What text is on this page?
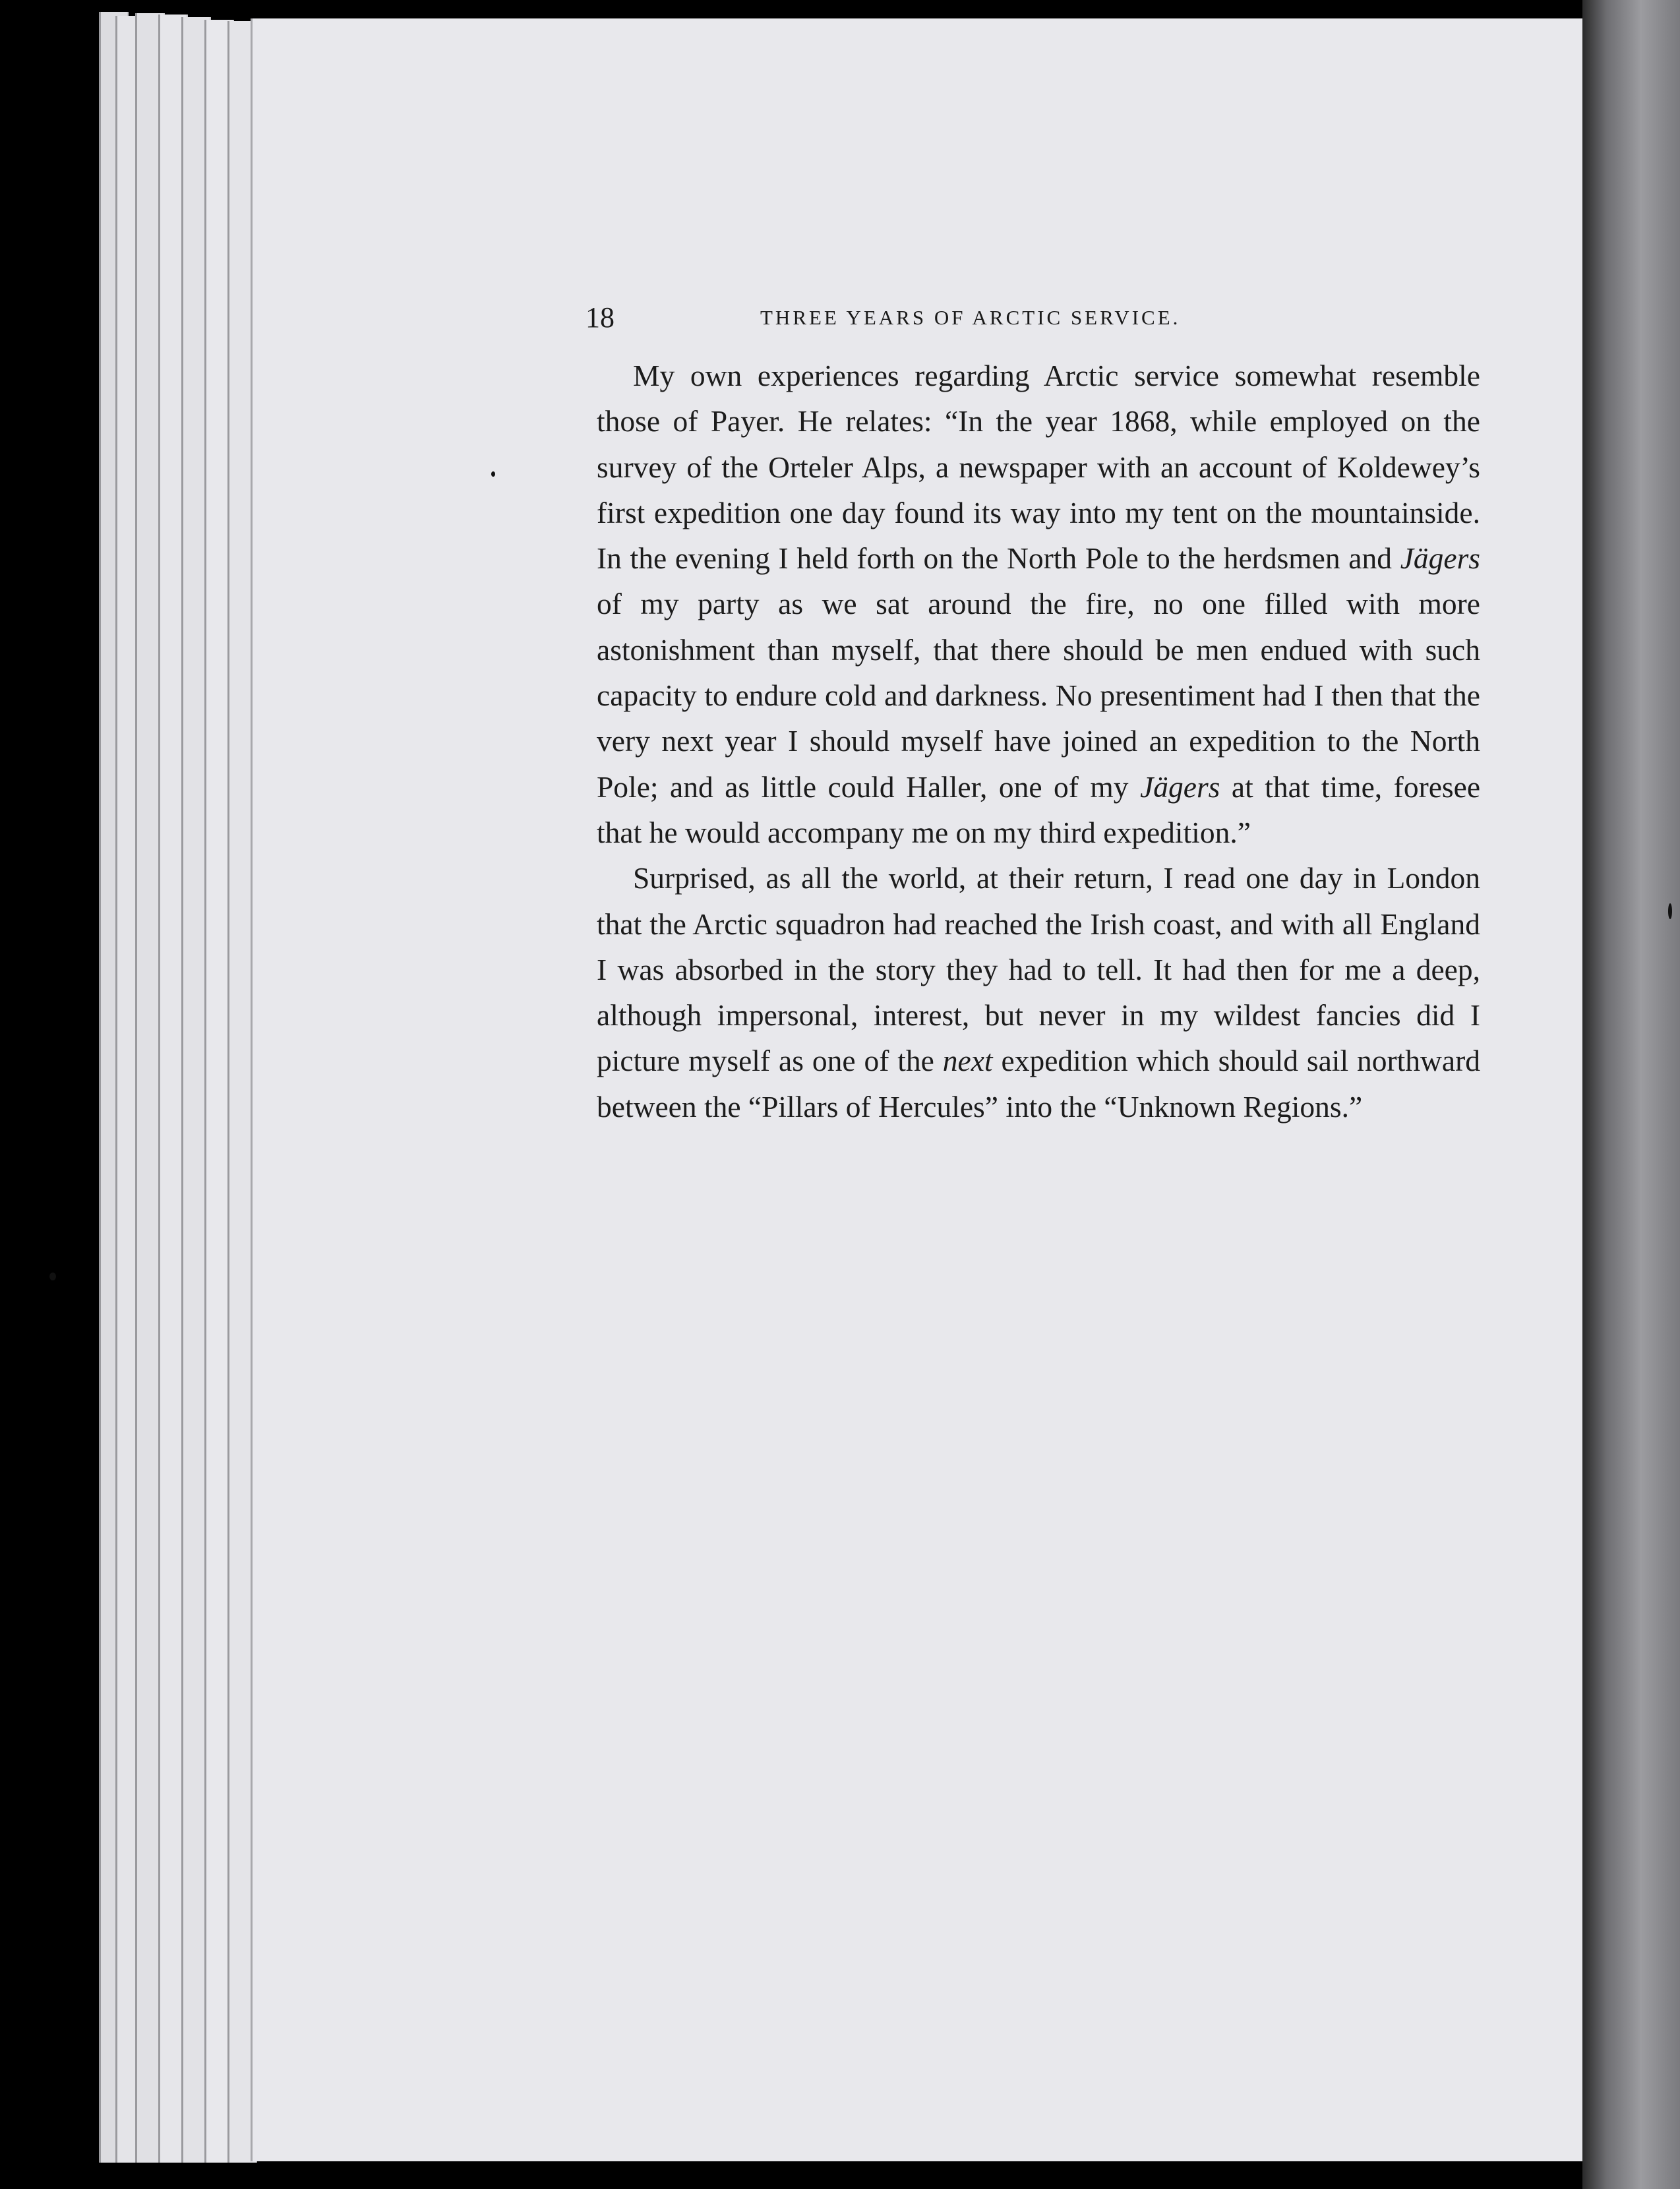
18	THREE YEARS OF ARCTIC SERVICE.

My own experiences regarding Arctic service somewhat resemble those of Payer. He relates: “In the year 1868, while employed on the survey of the Orteler Alps, a newspaper with an account of Koldewey’s first expedition one day found its way into my tent on the mountainside. In the evening I held forth on the North Pole to the herdsmen and Jägers of my party as we sat around the fire, no one filled with more astonishment than myself, that there should be men endued with such capacity to endure cold and darkness. No presentiment had I then that the very next year I should myself have joined an expedition to the North Pole; and as little could Haller, one of my Jägers at that time, foresee that he would accompany me on my third expedition.”

Surprised, as all the world, at their return, I read one day in London that the Arctic squadron had reached the Irish coast, and with all England I was absorbed in the story they had to tell. It had then for me a deep, although impersonal, interest, but never in my wildest fancies did I picture myself as one of the next expedition which should sail northward between the “Pillars of Hercules” into the “Unknown Regions.”
